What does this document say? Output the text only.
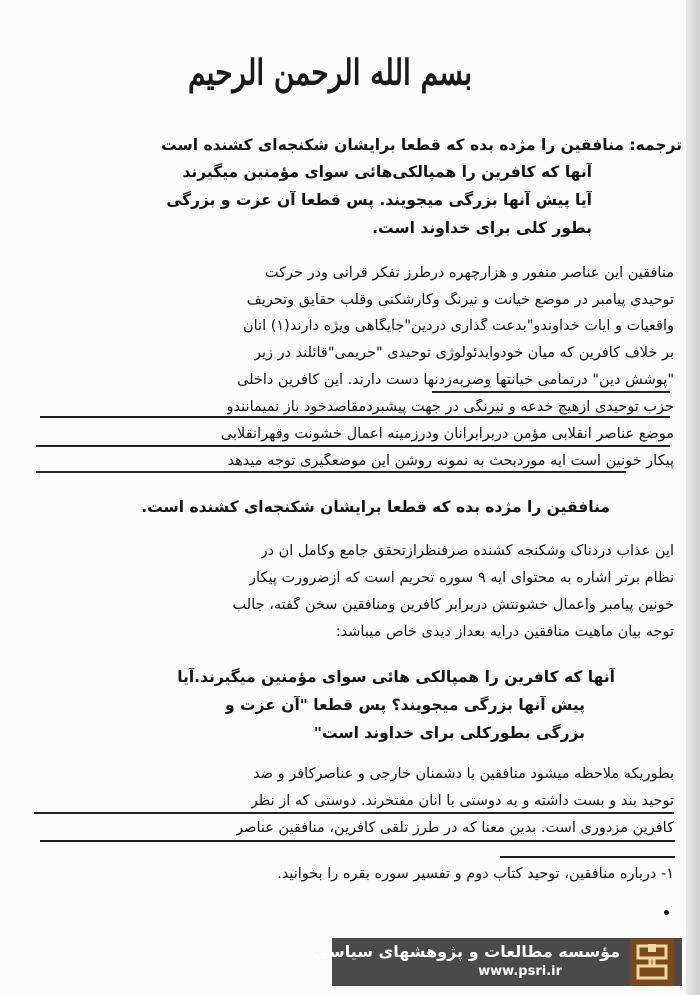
بسم الله الرحمن الرحیم
ترجمه: منافقین را مژده بده که قطعا برایشان شکنجه‌ای کشنده است
آنها که کافرین را همپالکی‌هائی سوای مؤمنین میگیرند
آیا پیش آنها بزرگی میجویند. پس قطعا آن عزت و بزرگی
بطور کلی برای خداوند است.
منافقین این عناصر منفور و هزارچهره درطرز تفکر قرآنی ودر حرکت
توحیدی پیامبر در موضع خیانت و نیرنگ وکارشکنی وقلب حقایق وتحریف
واقعیات و آیات خداوندو"بدعت گذاری دردین"جایگاهی ویژه دارند(۱) آنان
بر خلاف کافرین که میان خودوایدئولوژی توحیدی "حریمی"قائلند در زیر
"پوشش دین" درتمامی خیانتها وضربه‌زدنها دست دارند. این کافرین داخلی
حزب توحیدی ازهیچ خدعه و نیرنگی در جهت پیشبردمقاصدخود باز نمیمانندو
موضع عناصر انقلابی مؤمن دربرابرآنان ودرزمینه اعمال خشونت وقهرانقلابی
پیکار خونین است آیه موردبحث به نمونه روشن این موضعگیری توجه میدهد
منافقین را مژده بده که قطعا برایشان شکنجه‌ای کشنده است.
این عذاب دردناک وشکنجه کشنده صرفنظرازتحقق جامع وکامل آن در
نظام برتر اشاره به محتوای آیه ۹ سوره تحریم است که ازضرورت پیکار
خونین پیامبر واعمال خشونتش دربرابر کافرین ومنافقین سخن گفته، جالب
توجه بیان ماهیت منافقین درآیه بعداز دیدی خاص میباشد:
آنها که کافرین را همپالکی هائی سوای مؤمنین میگیرند.آیا
پیش آنها بزرگی میجویند؟ پس قطعا "آن عزت و
بزرگی بطورکلی برای خداوند است"
بطوریکه ملاحظه میشود منافقین با دشمنان خارجی و عناصرکافر و ضد
توحید بند و بست داشته و به دوستی با آنان مفتخرند. دوستی که از نظر
کافرین مزدوری است. بدین معنا که در طرز تلقی کافرین، منافقین عناصر
۱- درباره منافقین، توحید کتاب دوم و تفسیر سوره بقره را بخوانید.
•
مؤسسه مطالعات و پژوهشهای سیاسی
www.psri.ir
